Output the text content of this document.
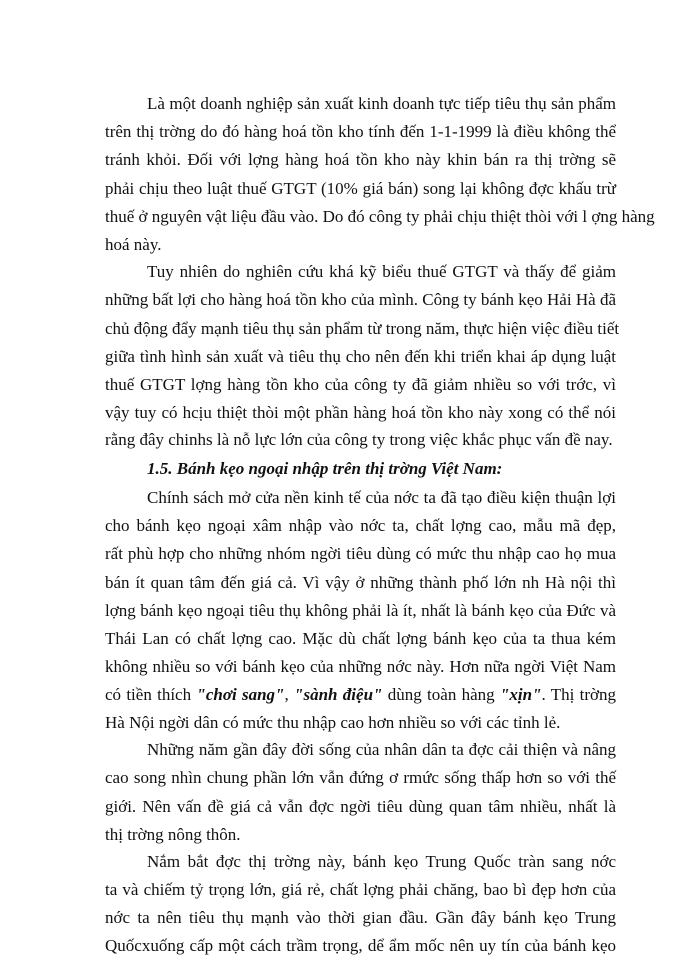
Là một doanh nghiệp sản xuất kinh doanh tực tiếp tiêu thụ sản phẩm

trên thị trờng do đó hàng hoá tồn kho tính đến 1-1-1999 là điều không thể

tránh khỏi. Đối với lợng hàng hoá tồn kho này khin bán ra thị trờng sẽ

phải chịu theo luật thuế GTGT (10% giá bán) song lại không đợc khấu trừ

thuế ở nguyên vật liệu đầu vào. Do đó công ty phải chịu thiệt thòi với l ợng hàng

hoá này.

Tuy nhiên do nghiên cứu khá kỹ biểu thuế GTGT và thấy để giảm

những bất lợi cho hàng hoá tồn kho của mình. Công ty bánh kẹo Hải Hà đã

chủ động đẩy mạnh tiêu thụ sản phẩm từ trong năm, thực hiện việc điều tiết

giữa tình hình sản xuất và tiêu thụ cho nên đến khi triển khai áp dụng luật

thuế GTGT lợng hàng tồn kho của công ty đã giảm nhiều so với trớc, vì

vậy tuy có hcịu thiệt thòi một phần hàng hoá tồn kho này xong có thể nói

rằng đây chinhs là nỗ lực lớn của công ty trong việc khắc phục vấn đề nay.

1.5. Bánh kẹo ngoại nhập trên thị trờng Việt Nam:

Chính sách mở cửa nền kinh tế của nớc ta đã tạo điều kiện thuận lợi

cho bánh kẹo ngoại xâm nhập vào nớc ta, chất lợng cao, mẫu mã đẹp,

rất phù hợp cho những nhóm ngời tiêu dùng có mức thu nhập cao họ mua

bán ít quan tâm đến giá cả. Vì vậy ở những thành phố lớn nh Hà nội thì

lợng bánh kẹo ngoại tiêu thụ không phải là ít, nhất là bánh kẹo của Đức và

Thái Lan có chất lợng cao. Mặc dù chất lợng bánh kẹo của ta thua kém

không nhiều so với bánh kẹo của những nớc này. Hơn nữa ngời Việt Nam

có tiền thích "chơi sang", "sành điệu" dùng toàn hàng "xịn". Thị trờng

Hà Nội ngời dân có mức thu nhập cao hơn nhiều so với các tỉnh lẻ.

Những năm gần đây đời sống của nhân dân ta đợc cải thiện và nâng

cao song nhìn chung phần lớn vẫn đứng ơ rmức sống thấp hơn so với thế

giới. Nên vấn đề giá cả vẫn đợc ngời tiêu dùng quan tâm nhiều, nhất là

thị trờng nông thôn.

Nắm bắt đợc thị trờng này, bánh kẹo Trung Quốc tràn sang nớc

ta và chiếm tỷ trọng lớn, giá rẻ, chất lợng phải chăng, bao bì đẹp hơn của

nớc ta nên tiêu thụ mạnh vào thời gian đầu. Gần đây bánh kẹo Trung

Quốcxuống cấp một cách trầm trọng, dể ẩm mốc nên uy tín của bánh kẹo
